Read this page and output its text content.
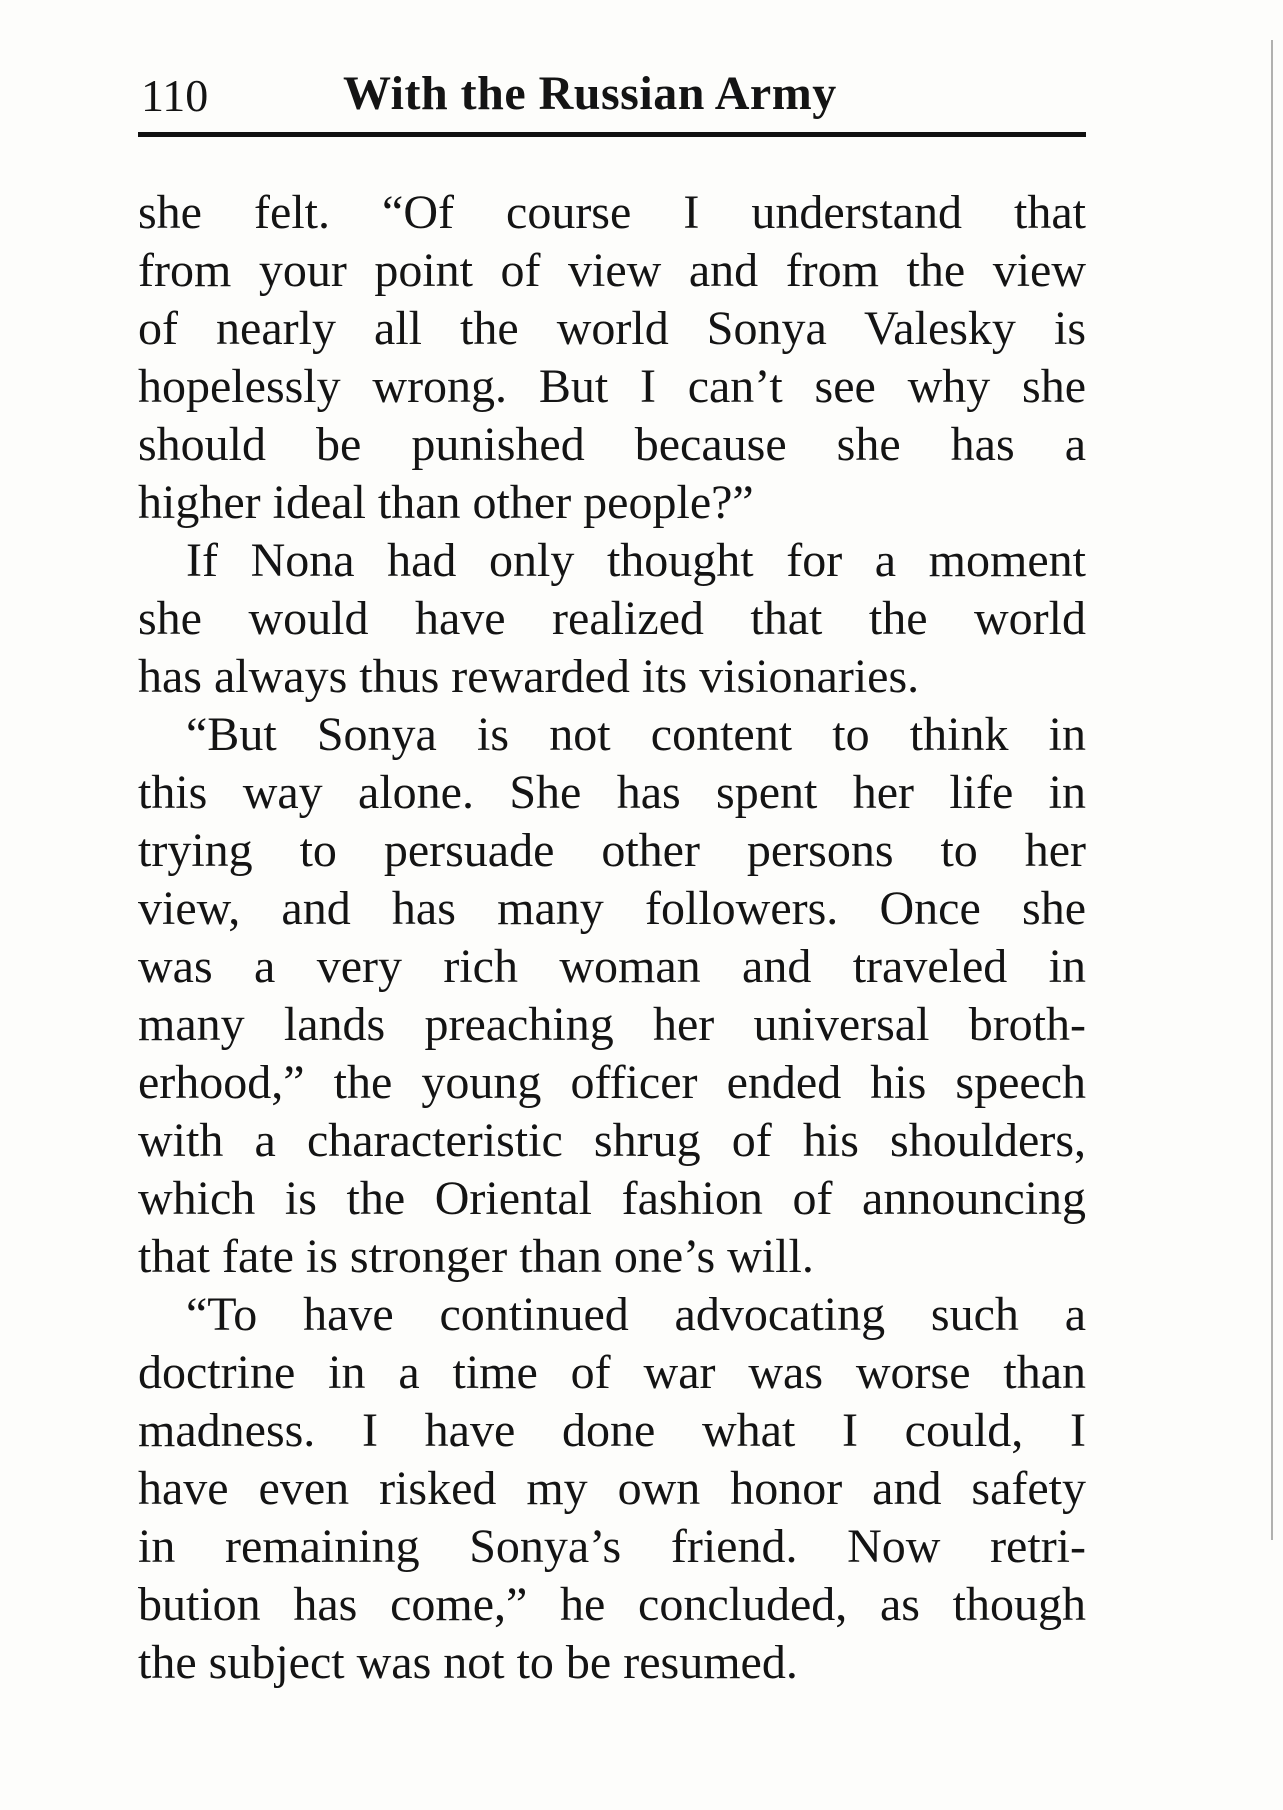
110	With the Russian Army
she felt. “Of course I understand that
from your point of view and from the view
of nearly all the world Sonya Valesky is
hopelessly wrong. But I can’t see why she
should be punished because she has a
higher ideal than other people?”
If Nona had only thought for a moment
she would have realized that the world
has always thus rewarded its visionaries.
“But Sonya is not content to think in
this way alone. She has spent her life in
trying to persuade other persons to her
view, and has many followers. Once she
was a very rich woman and traveled in
many lands preaching her universal broth-
erhood,” the young officer ended his speech
with a characteristic shrug of his shoulders,
which is the Oriental fashion of announcing
that fate is stronger than one’s will.
“To have continued advocating such a
doctrine in a time of war was worse than
madness. I have done what I could, I
have even risked my own honor and safety
in remaining Sonya’s friend. Now retri-
bution has come,” he concluded, as though
the subject was not to be resumed.
